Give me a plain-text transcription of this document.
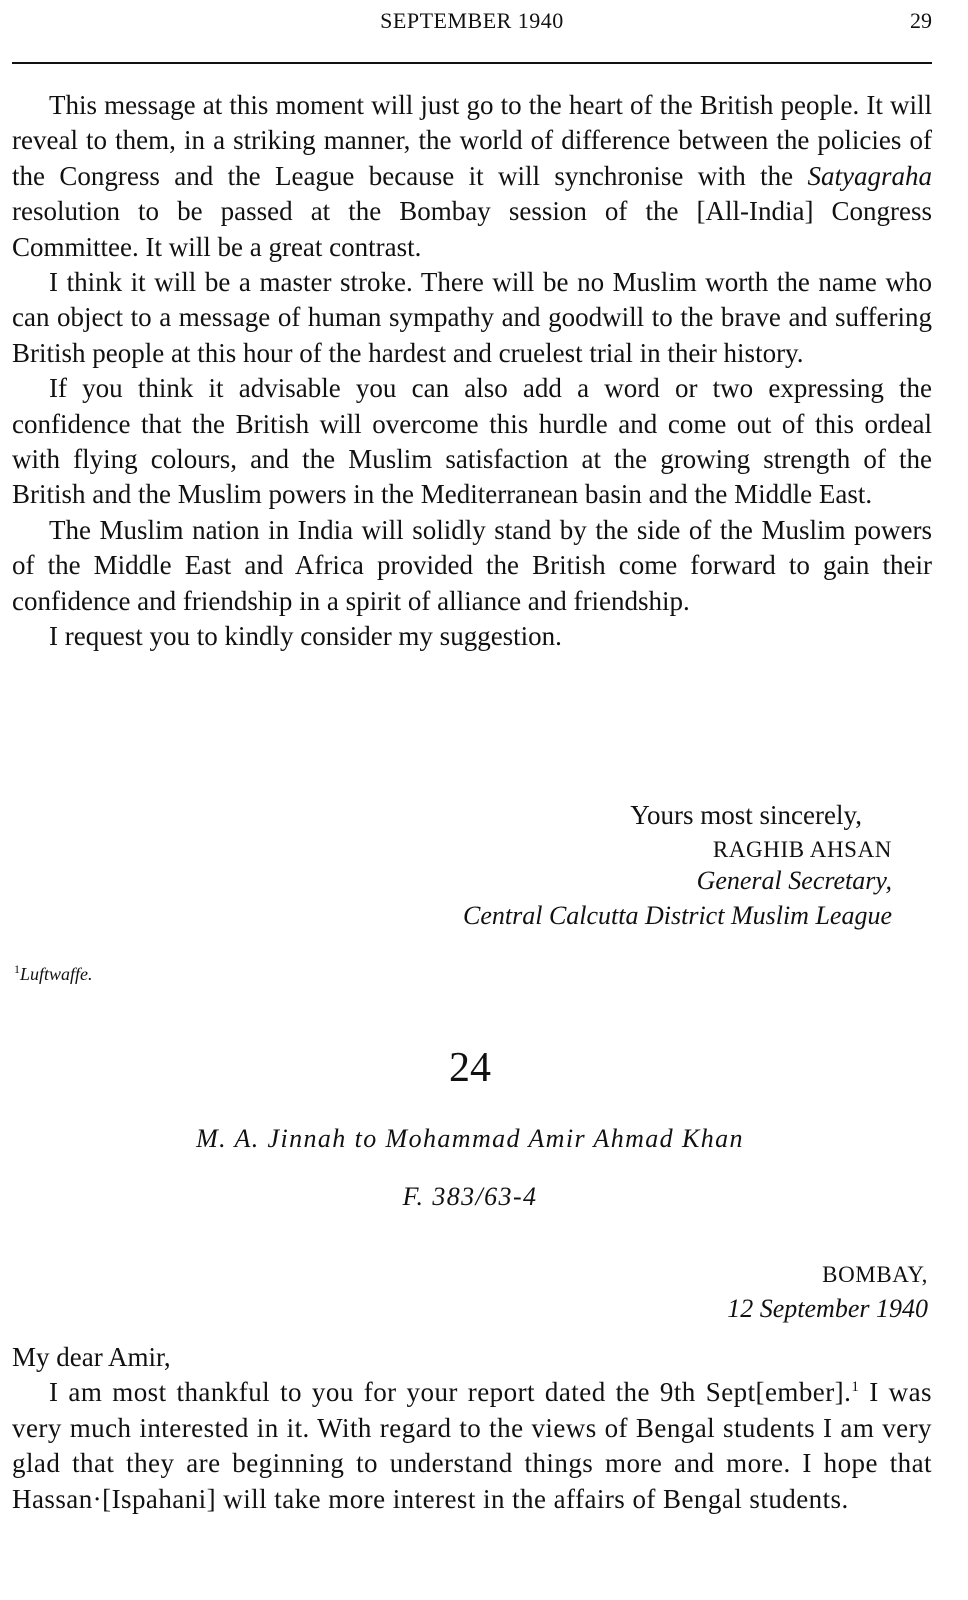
SEPTEMBER 1940	29

This message at this moment will just go to the heart of the British people. It will reveal to them, in a striking manner, the world of difference between the policies of the Congress and the League because it will synchronise with the Satyagraha resolution to be passed at the Bombay session of the [All-India] Congress Committee. It will be a great contrast.

I think it will be a master stroke. There will be no Muslim worth the name who can object to a message of human sympathy and goodwill to the brave and suffering British people at this hour of the hardest and cruelest trial in their history.

If you think it advisable you can also add a word or two expressing the confidence that the British will overcome this hurdle and come out of this ordeal with flying colours, and the Muslim satisfaction at the growing strength of the British and the Muslim powers in the Mediterranean basin and the Middle East.

The Muslim nation in India will solidly stand by the side of the Muslim powers of the Middle East and Africa provided the British come forward to gain their confidence and friendship in a spirit of alliance and friendship.

I request you to kindly consider my suggestion.

Yours most sincerely,
RAGHIB AHSAN
General Secretary,
Central Calcutta District Muslim League
$^1$Luftwaffe.
24
M. A. Jinnah to Mohammad Amir Ahmad Khan
F. 383/63-4
BOMBAY,
12 September 1940

My dear Amir,

I am most thankful to you for your report dated the 9th Sept[ember].$^1$ I was very much interested in it. With regard to the views of Bengal students I am very glad that they are beginning to understand things more and more. I hope that Hassan·[Ispahani] will take more interest in the affairs of Bengal students.
